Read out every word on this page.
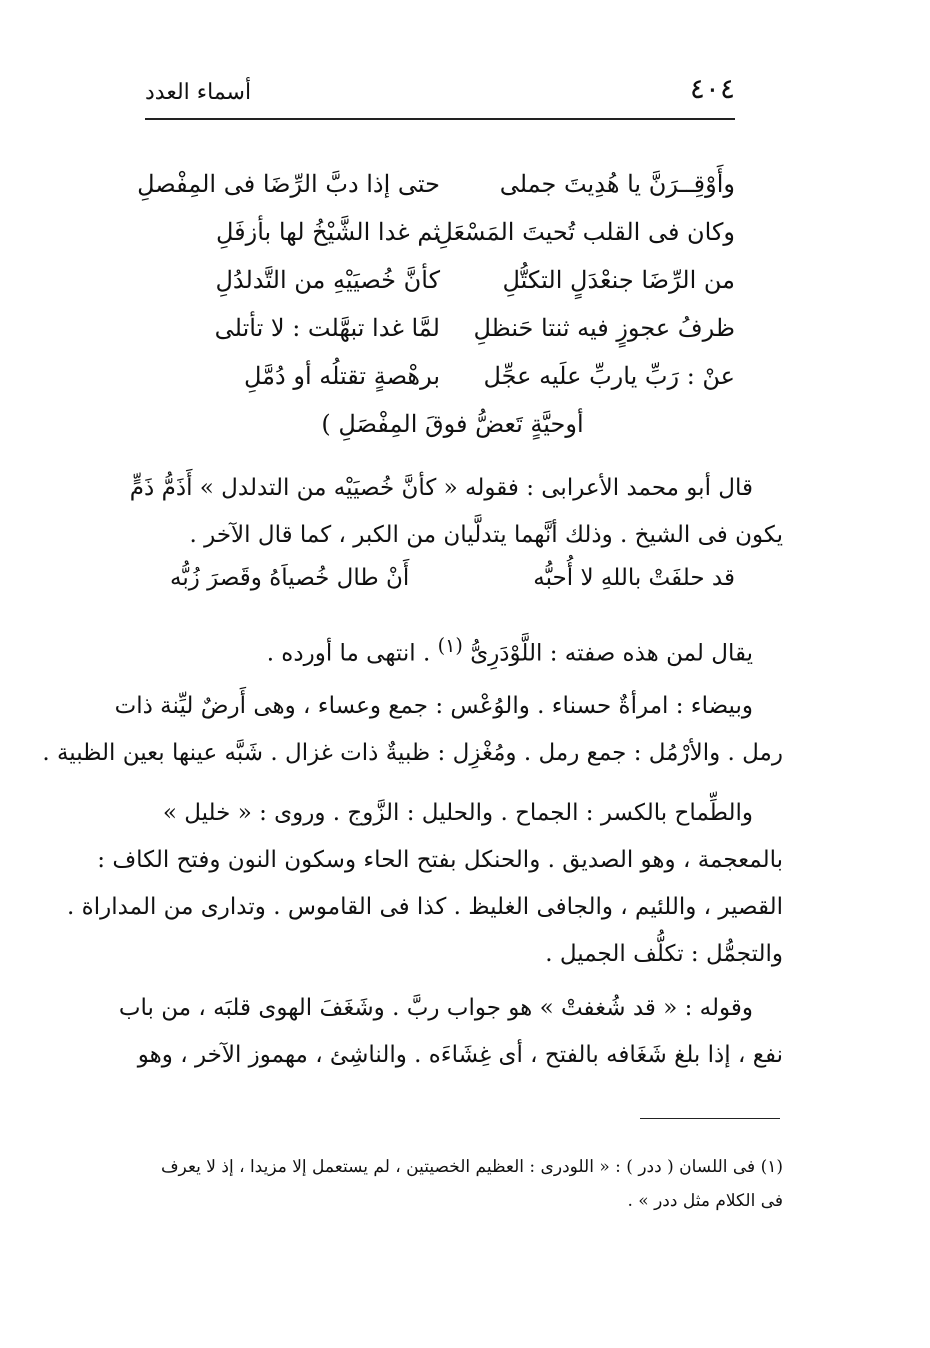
٤٠٤
أسماء العدد
وأَوْقِــرَنَّ يا هُدِيتَ جملى
حتى إذا دبَّ الرِّضَا فى المِفْصلِ
وكان فى القلب تُحيتَ المَسْعَلِ
ثم غدا الشَّيْخُ لها بأزفَلِ
من الرِّضَا جنعْدَلٍ التكتُّلِ
كأنَّ خُصيَيْهِ من التَّدلدُلِ
ظرفُ عجوزٍ فيه ثنتا حَنظلِ
لمَّا غدا تبهَّلت : لا تأتلى
عنْ : رَبِّ ياربِّ علَيه عجِّل
برهْصةٍ تقتلُه أو دُمَّلِ
أوحيَّةٍ تَعضُّ فوقَ المِفْصَلِ )
قال أبو محمد الأعرابى : فقوله « كأنَّ خُصيَيْه من التدلدل » أَذَمُّ ذَمٍّ
يكون فى الشيخ . وذلك أنَّهما يتدلَّيان من الكبر ، كما قال الآخر .
قد حلفَتْ باللهِ لا أُحبُّه
أَنْ طال خُصياَهُ وقَصرَ زُبُّه
يقال لمن هذه صفته : اللَّوْدَرِىُّ $^{(١)}$ . انتهى ما أورده .
وبيضاء : امرأةٌ حسناء . والوُعْس : جمع وعساء ، وهى أَرضٌ ليِّنة ذات
رمل . والأرْمُل : جمع رمل . ومُغْزِل : ظبيةٌ ذات غزال . شَبَّه عينها بعين الظبية .
والطِّماح بالكسر : الجماح . والحليل : الزَّوج . وروى : « خليل »
بالمعجمة ، وهو الصديق . والحنكل بفتح الحاء وسكون النون وفتح الكاف :
القصير ، واللئيم ، والجافى الغليظ . كذا فى القاموس . وتدارى من المداراة .
والتجمُّل : تكلُّف الجميل .
وقوله : « قد شُغفتْ » هو جواب ربَّ . وشَغَفَ الهوى قلبَه ، من باب
نفع ، إذا بلغ شَغَافه بالفتح ، أى غِشَاءَه . والناشِئ ، مهموز الآخر ، وهو
(١) فى اللسان ( ددر ) : « اللودرى : العظيم الخصيتين ، لم يستعمل إلا مزيدا ، إذ لا يعرف
فى الكلام مثل ددر » .
